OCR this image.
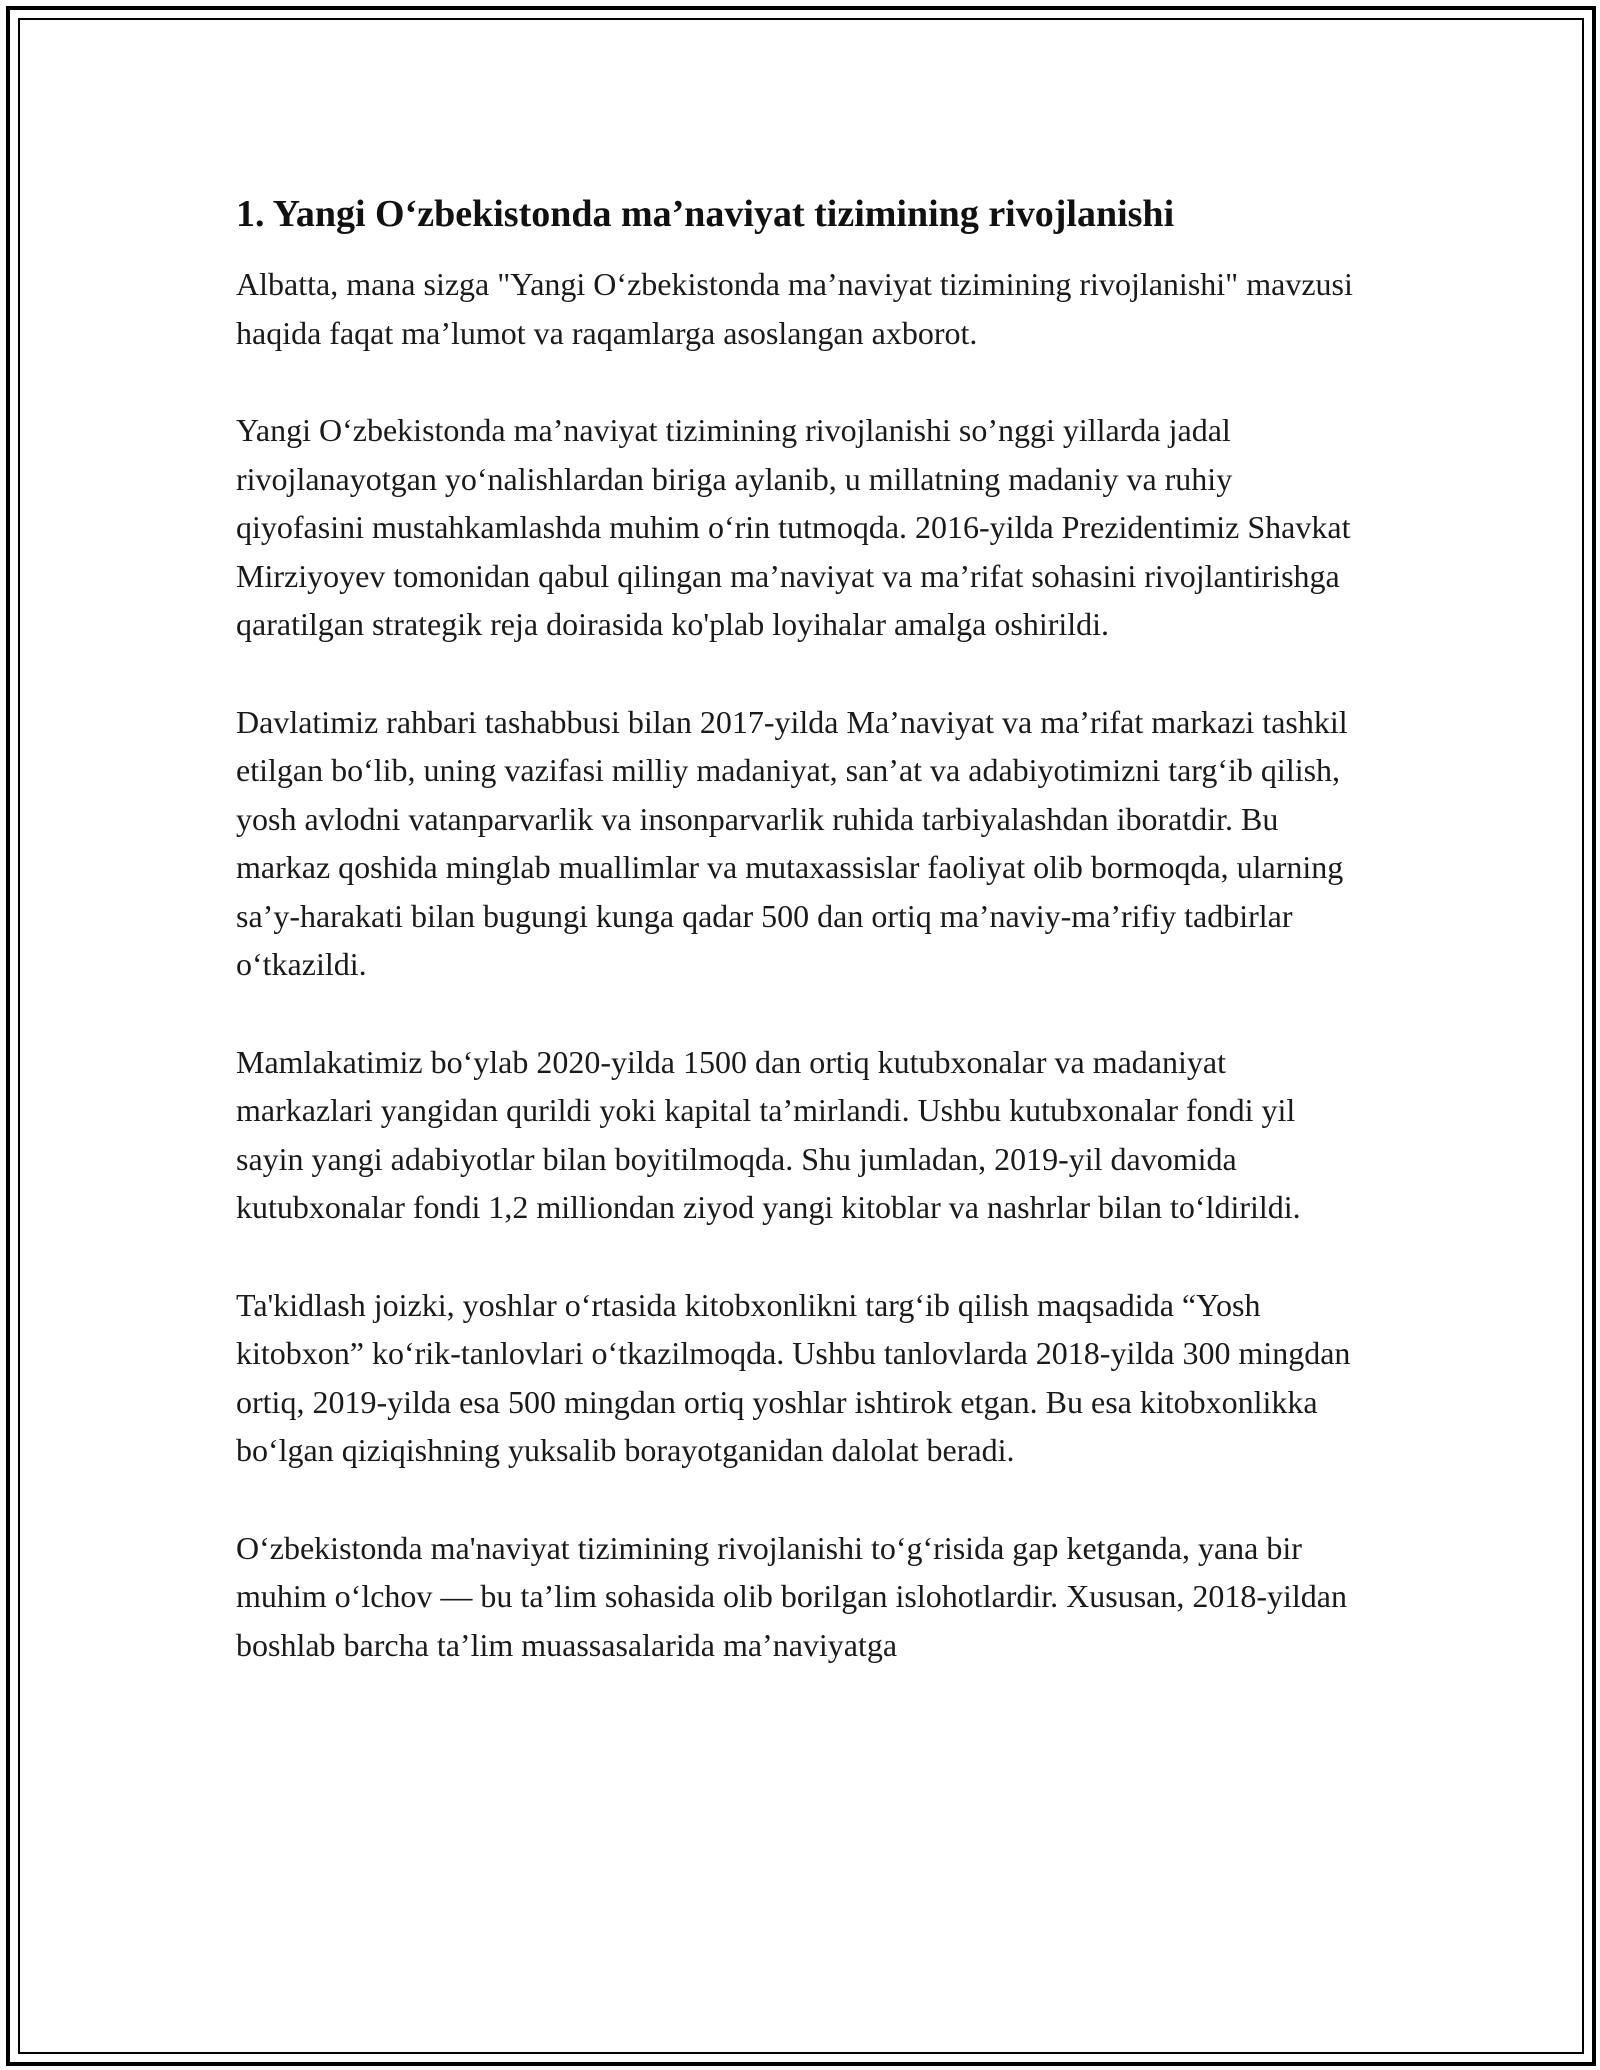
1. Yangi O‘zbekistonda ma’naviyat tizimining rivojlanishi

Albatta, mana sizga "Yangi O‘zbekistonda ma’naviyat tizimining rivojlanishi" mavzusi haqida faqat ma’lumot va raqamlarga asoslangan axborot.

Yangi O‘zbekistonda ma’naviyat tizimining rivojlanishi so’nggi yillarda jadal rivojlanayotgan yo‘nalishlardan biriga aylanib, u millatning madaniy va ruhiy qiyofasini mustahkamlashda muhim o‘rin tutmoqda. 2016-yilda Prezidentimiz Shavkat Mirziyoyev tomonidan qabul qilingan ma’naviyat va ma’rifat sohasini rivojlantirishga qaratilgan strategik reja doirasida ko'plab loyihalar amalga oshirildi.

Davlatimiz rahbari tashabbusi bilan 2017-yilda Ma’naviyat va ma’rifat markazi tashkil etilgan bo‘lib, uning vazifasi milliy madaniyat, san’at va adabiyotimizni targ‘ib qilish, yosh avlodni vatanparvarlik va insonparvarlik ruhida tarbiyalashdan iboratdir. Bu markaz qoshida minglab muallimlar va mutaxassislar faoliyat olib bormoqda, ularning sa’y-harakati bilan bugungi kunga qadar 500 dan ortiq ma’naviy-ma’rifiy tadbirlar o‘tkazildi.

Mamlakatimiz bo‘ylab 2020-yilda 1500 dan ortiq kutubxonalar va madaniyat markazlari yangidan qurildi yoki kapital ta’mirlandi. Ushbu kutubxonalar fondi yil sayin yangi adabiyotlar bilan boyitilmoqda. Shu jumladan, 2019-yil davomida kutubxonalar fondi 1,2 milliondan ziyod yangi kitoblar va nashrlar bilan to‘ldirildi.

Ta'kidlash joizki, yoshlar o‘rtasida kitobxonlikni targ‘ib qilish maqsadida “Yosh kitobxon” ko‘rik-tanlovlari o‘tkazilmoqda. Ushbu tanlovlarda 2018-yilda 300 mingdan ortiq, 2019-yilda esa 500 mingdan ortiq yoshlar ishtirok etgan. Bu esa kitobxonlikka bo‘lgan qiziqishning yuksalib borayotganidan dalolat beradi.

O‘zbekistonda ma'naviyat tizimining rivojlanishi to‘g‘risida gap ketganda, yana bir muhim o‘lchov — bu ta’lim sohasida olib borilgan islohotlardir. Xususan, 2018-yildan boshlab barcha ta’lim muassasalarida ma’naviyatga
